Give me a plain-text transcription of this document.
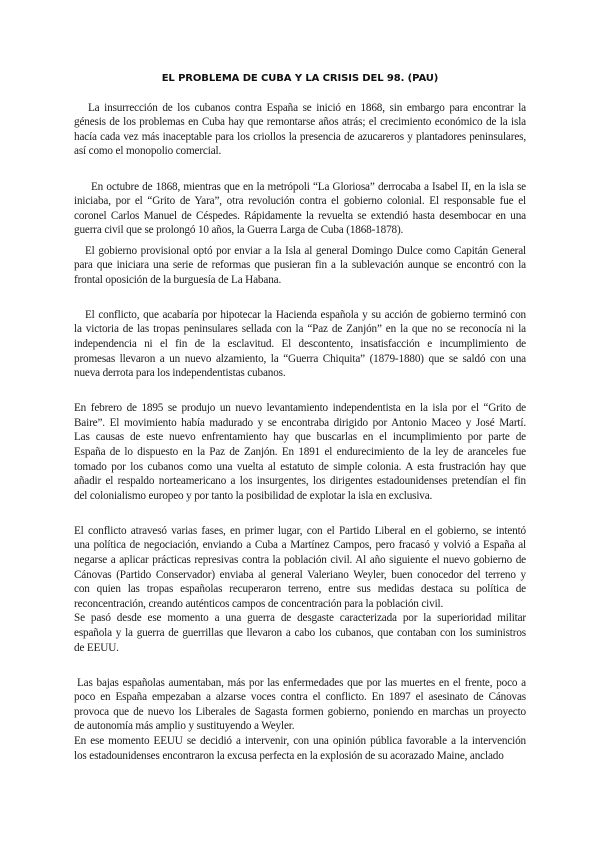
EL PROBLEMA DE CUBA Y LA CRISIS DEL 98. (PAU)
La insurrección de los cubanos contra España se inició en 1868, sin embargo para encontrar la
génesis de los problemas en Cuba hay que remontarse años atrás; el crecimiento económico de la isla
hacía cada vez más inaceptable para los criollos la presencia de azucareros y plantadores peninsulares,
así como el monopolio comercial.
En octubre de 1868, mientras que en la metrópoli “La Gloriosa” derrocaba a Isabel II, en la isla se
iniciaba, por el “Grito de Yara”, otra revolución contra el gobierno colonial. El responsable fue el
coronel Carlos Manuel de Céspedes. Rápidamente la revuelta se extendió hasta desembocar en una
guerra civil que se prolongó 10 años, la Guerra Larga de Cuba (1868-1878).
El gobierno provisional optó por enviar a la Isla al general Domingo Dulce como Capitán General
para que iniciara una serie de reformas que pusieran fin a la sublevación aunque se encontró con la
frontal oposición de la burguesía de La Habana.
El conflicto, que acabaría por hipotecar la Hacienda española y su acción de gobierno terminó con
la victoria de las tropas peninsulares sellada con la “Paz de Zanjón” en la que no se reconocía ni la
independencia ni el fin de la esclavitud. El descontento, insatisfacción e incumplimiento de
promesas llevaron a un nuevo alzamiento, la “Guerra Chiquita” (1879-1880) que se saldó con una
nueva derrota para los independentistas cubanos.
En febrero de 1895 se produjo un nuevo levantamiento independentista en la isla por el “Grito de
Baire”. El movimiento había madurado y se encontraba dirigido por Antonio Maceo y José Martí.
Las causas de este nuevo enfrentamiento hay que buscarlas en el incumplimiento por parte de
España de lo dispuesto en la Paz de Zanjón. En 1891 el endurecimiento de la ley de aranceles fue
tomado por los cubanos como una vuelta al estatuto de simple colonia. A esta frustración hay que
añadir el respaldo norteamericano a los insurgentes, los dirigentes estadounidenses pretendían el fin
del colonialismo europeo y por tanto la posibilidad de explotar la isla en exclusiva.
El conflicto atravesó varias fases, en primer lugar, con el Partido Liberal en el gobierno, se intentó
una política de negociación, enviando a Cuba a Martínez Campos, pero fracasó y volvió a España al
negarse a aplicar prácticas represivas contra la población civil. Al año siguiente el nuevo gobierno de
Cánovas (Partido Conservador) enviaba al general Valeriano Weyler, buen conocedor del terreno y
con quien las tropas españolas recuperaron terreno, entre sus medidas destaca su política de
reconcentración, creando auténticos campos de concentración para la población civil.
Se pasó desde ese momento a una guerra de desgaste caracterizada por la superioridad militar
española y la guerra de guerrillas que llevaron a cabo los cubanos, que contaban con los suministros
de EEUU.
Las bajas españolas aumentaban, más por las enfermedades que por las muertes en el frente, poco a
poco en España empezaban a alzarse voces contra el conflicto. En 1897 el asesinato de Cánovas
provoca que de nuevo los Liberales de Sagasta formen gobierno, poniendo en marchas un proyecto
de autonomía más amplio y sustituyendo a Weyler.
En ese momento EEUU se decidió a intervenir, con una opinión pública favorable a la intervención
los estadounidenses encontraron la excusa perfecta en la explosión de su acorazado Maine, anclado
